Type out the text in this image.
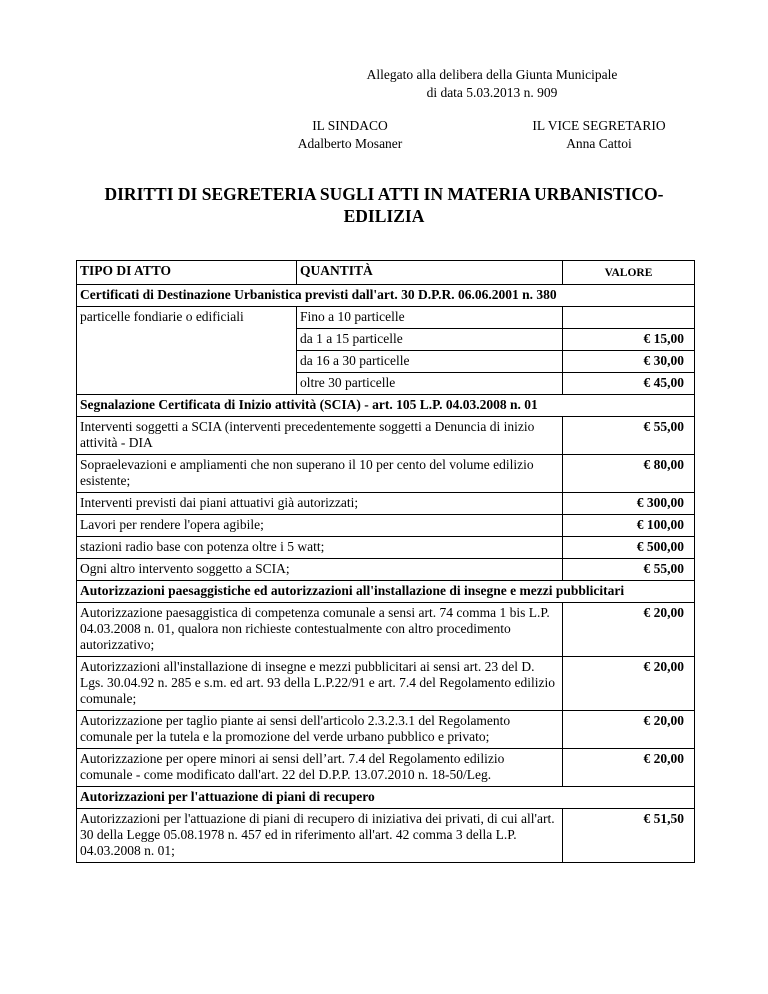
Allegato alla delibera della Giunta Municipale
di data 5.03.2013 n. 909
IL SINDACO
Adalberto Mosaner
IL VICE SEGRETARIO
Anna Cattoi
DIRITTI DI SEGRETERIA SUGLI ATTI IN MATERIA URBANISTICO-
EDILIZIA
TIPO DI ATTO	QUANTITÀ	VALORE
Certificati di Destinazione Urbanistica previsti dall'art. 30 D.P.R. 06.06.2001 n. 380		
particelle fondiarie o edificiali	Fino a 10 particelle	
	da 1 a 15 particelle	€ 15,00
	da 16 a 30 particelle	€ 30,00
	oltre 30 particelle	€ 45,00
Segnalazione Certificata di Inizio attività (SCIA) - art. 105 L.P. 04.03.2008 n. 01		
Interventi soggetti a SCIA (interventi precedentemente soggetti a Denuncia di inizio attività - DIA		€ 55,00
Sopraelevazioni e ampliamenti che non superano il 10 per cento del volume edilizio esistente;		€ 80,00
Interventi previsti dai piani attuativi già autorizzati;		€ 300,00
Lavori per rendere l'opera agibile;		€ 100,00
stazioni radio base con potenza oltre i 5 watt;		€ 500,00
Ogni altro intervento soggetto a SCIA;		€ 55,00
Autorizzazioni paesaggistiche ed autorizzazioni all'installazione di insegne e mezzi pubblicitari		
Autorizzazione paesaggistica di competenza comunale a sensi art. 74 comma 1 bis L.P. 04.03.2008 n. 01, qualora non richieste contestualmente con altro procedimento autorizzativo;		€ 20,00
Autorizzazioni all'installazione di insegne e mezzi pubblicitari ai sensi art. 23 del D. Lgs. 30.04.92 n. 285 e s.m. ed art. 93 della L.P.22/91 e art. 7.4 del Regolamento edilizio comunale;		€ 20,00
Autorizzazione per taglio piante ai sensi dell'articolo 2.3.2.3.1 del Regolamento comunale per la tutela e la promozione del verde urbano pubblico e privato;		€ 20,00
Autorizzazione per opere minori ai sensi dell’art. 7.4 del Regolamento edilizio comunale - come modificato dall'art. 22 del D.P.P. 13.07.2010 n. 18-50/Leg.		€ 20,00
Autorizzazioni per l'attuazione di piani di recupero		
Autorizzazioni per l'attuazione di piani di recupero di iniziativa dei privati, di cui all'art. 30 della Legge 05.08.1978 n. 457 ed in riferimento all'art. 42 comma 3 della L.P. 04.03.2008 n. 01;		€ 51,50
